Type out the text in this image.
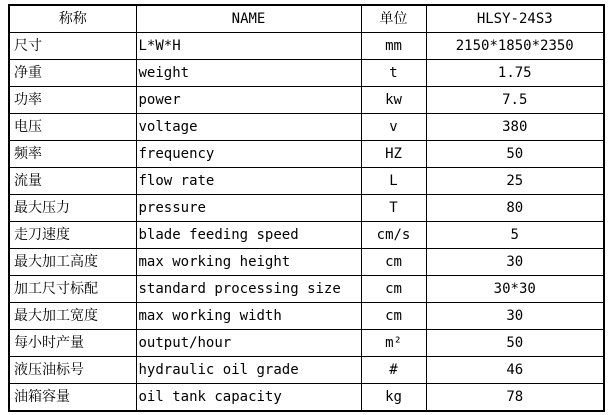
称称	NAME	单位	HLSY-24S3
尺寸	L*W*H	mm	2150*1850*2350
净重	weight	t	1.75
功率	power	kw	7.5
电压	voltage	v	380
频率	frequency	HZ	50
流量	flow rate	L	25
最大压力	pressure	T	80
走刀速度	blade feeding speed	cm/s	5
最大加工高度	max working height	cm	30
加工尺寸标配	standard processing size	cm	30*30
最大加工宽度	max working width	cm	30
每小时产量	output/hour	m²	50
液压油标号	hydraulic oil grade	#	46
油箱容量	oil tank capacity	kg	78
